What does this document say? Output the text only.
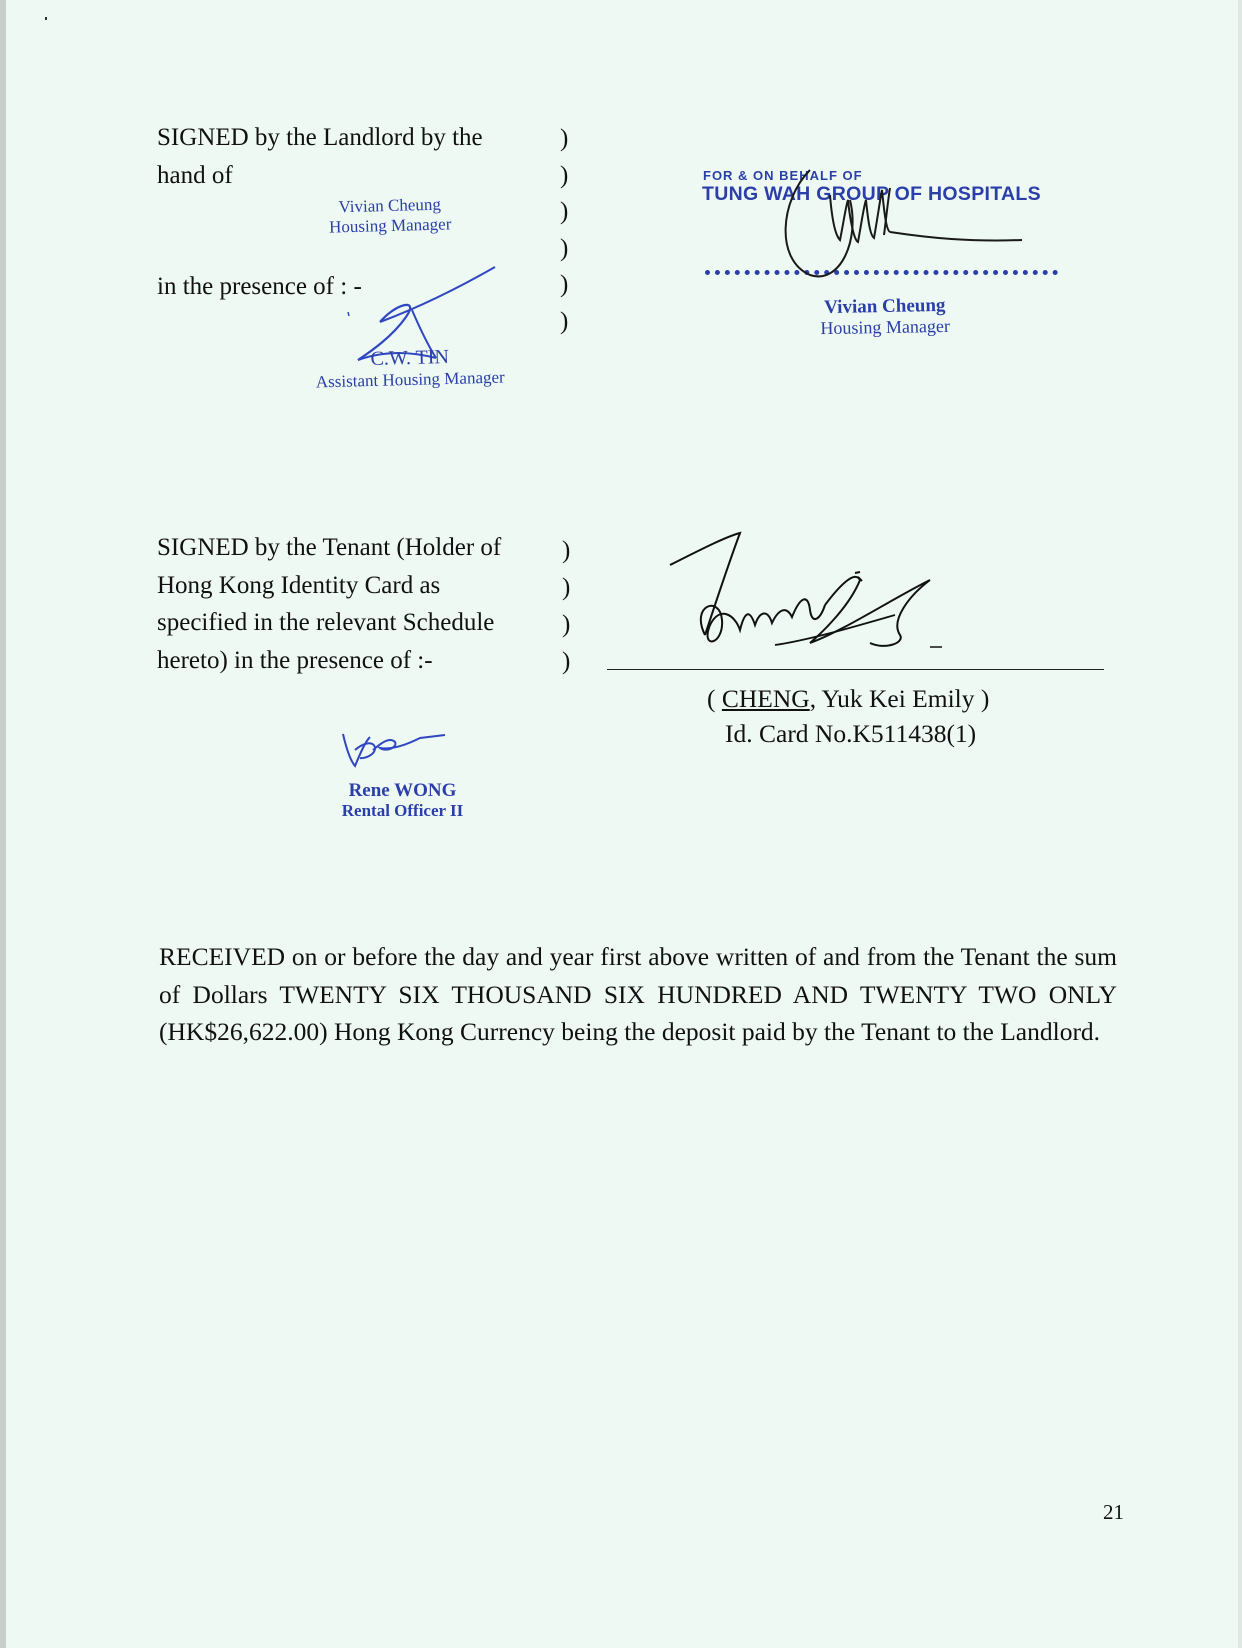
SIGNED by the Landlord by the
hand of
Vivian Cheung
Housing Manager
in the presence of : -
)
)
)
)
)
)
C.W. TIN
Assistant Housing Manager
FOR & ON BEHALF OF
TUNG WAH GROUP OF HOSPITALS
Vivian Cheung
Housing Manager
SIGNED by the Tenant (Holder of
Hong Kong Identity Card as
specified in the relevant Schedule
hereto) in the presence of :-
)
)
)
)
( CHENG, Yuk Kei Emily )
Id. Card No.K511438(1)
Rene WONG
Rental Officer II
RECEIVED on or before the day and year first above written of and from the Tenant the sum of Dollars TWENTY SIX THOUSAND SIX HUNDRED AND TWENTY TWO ONLY (HK$26,622.00) Hong Kong Currency being the deposit paid by the Tenant to the Landlord.
21
